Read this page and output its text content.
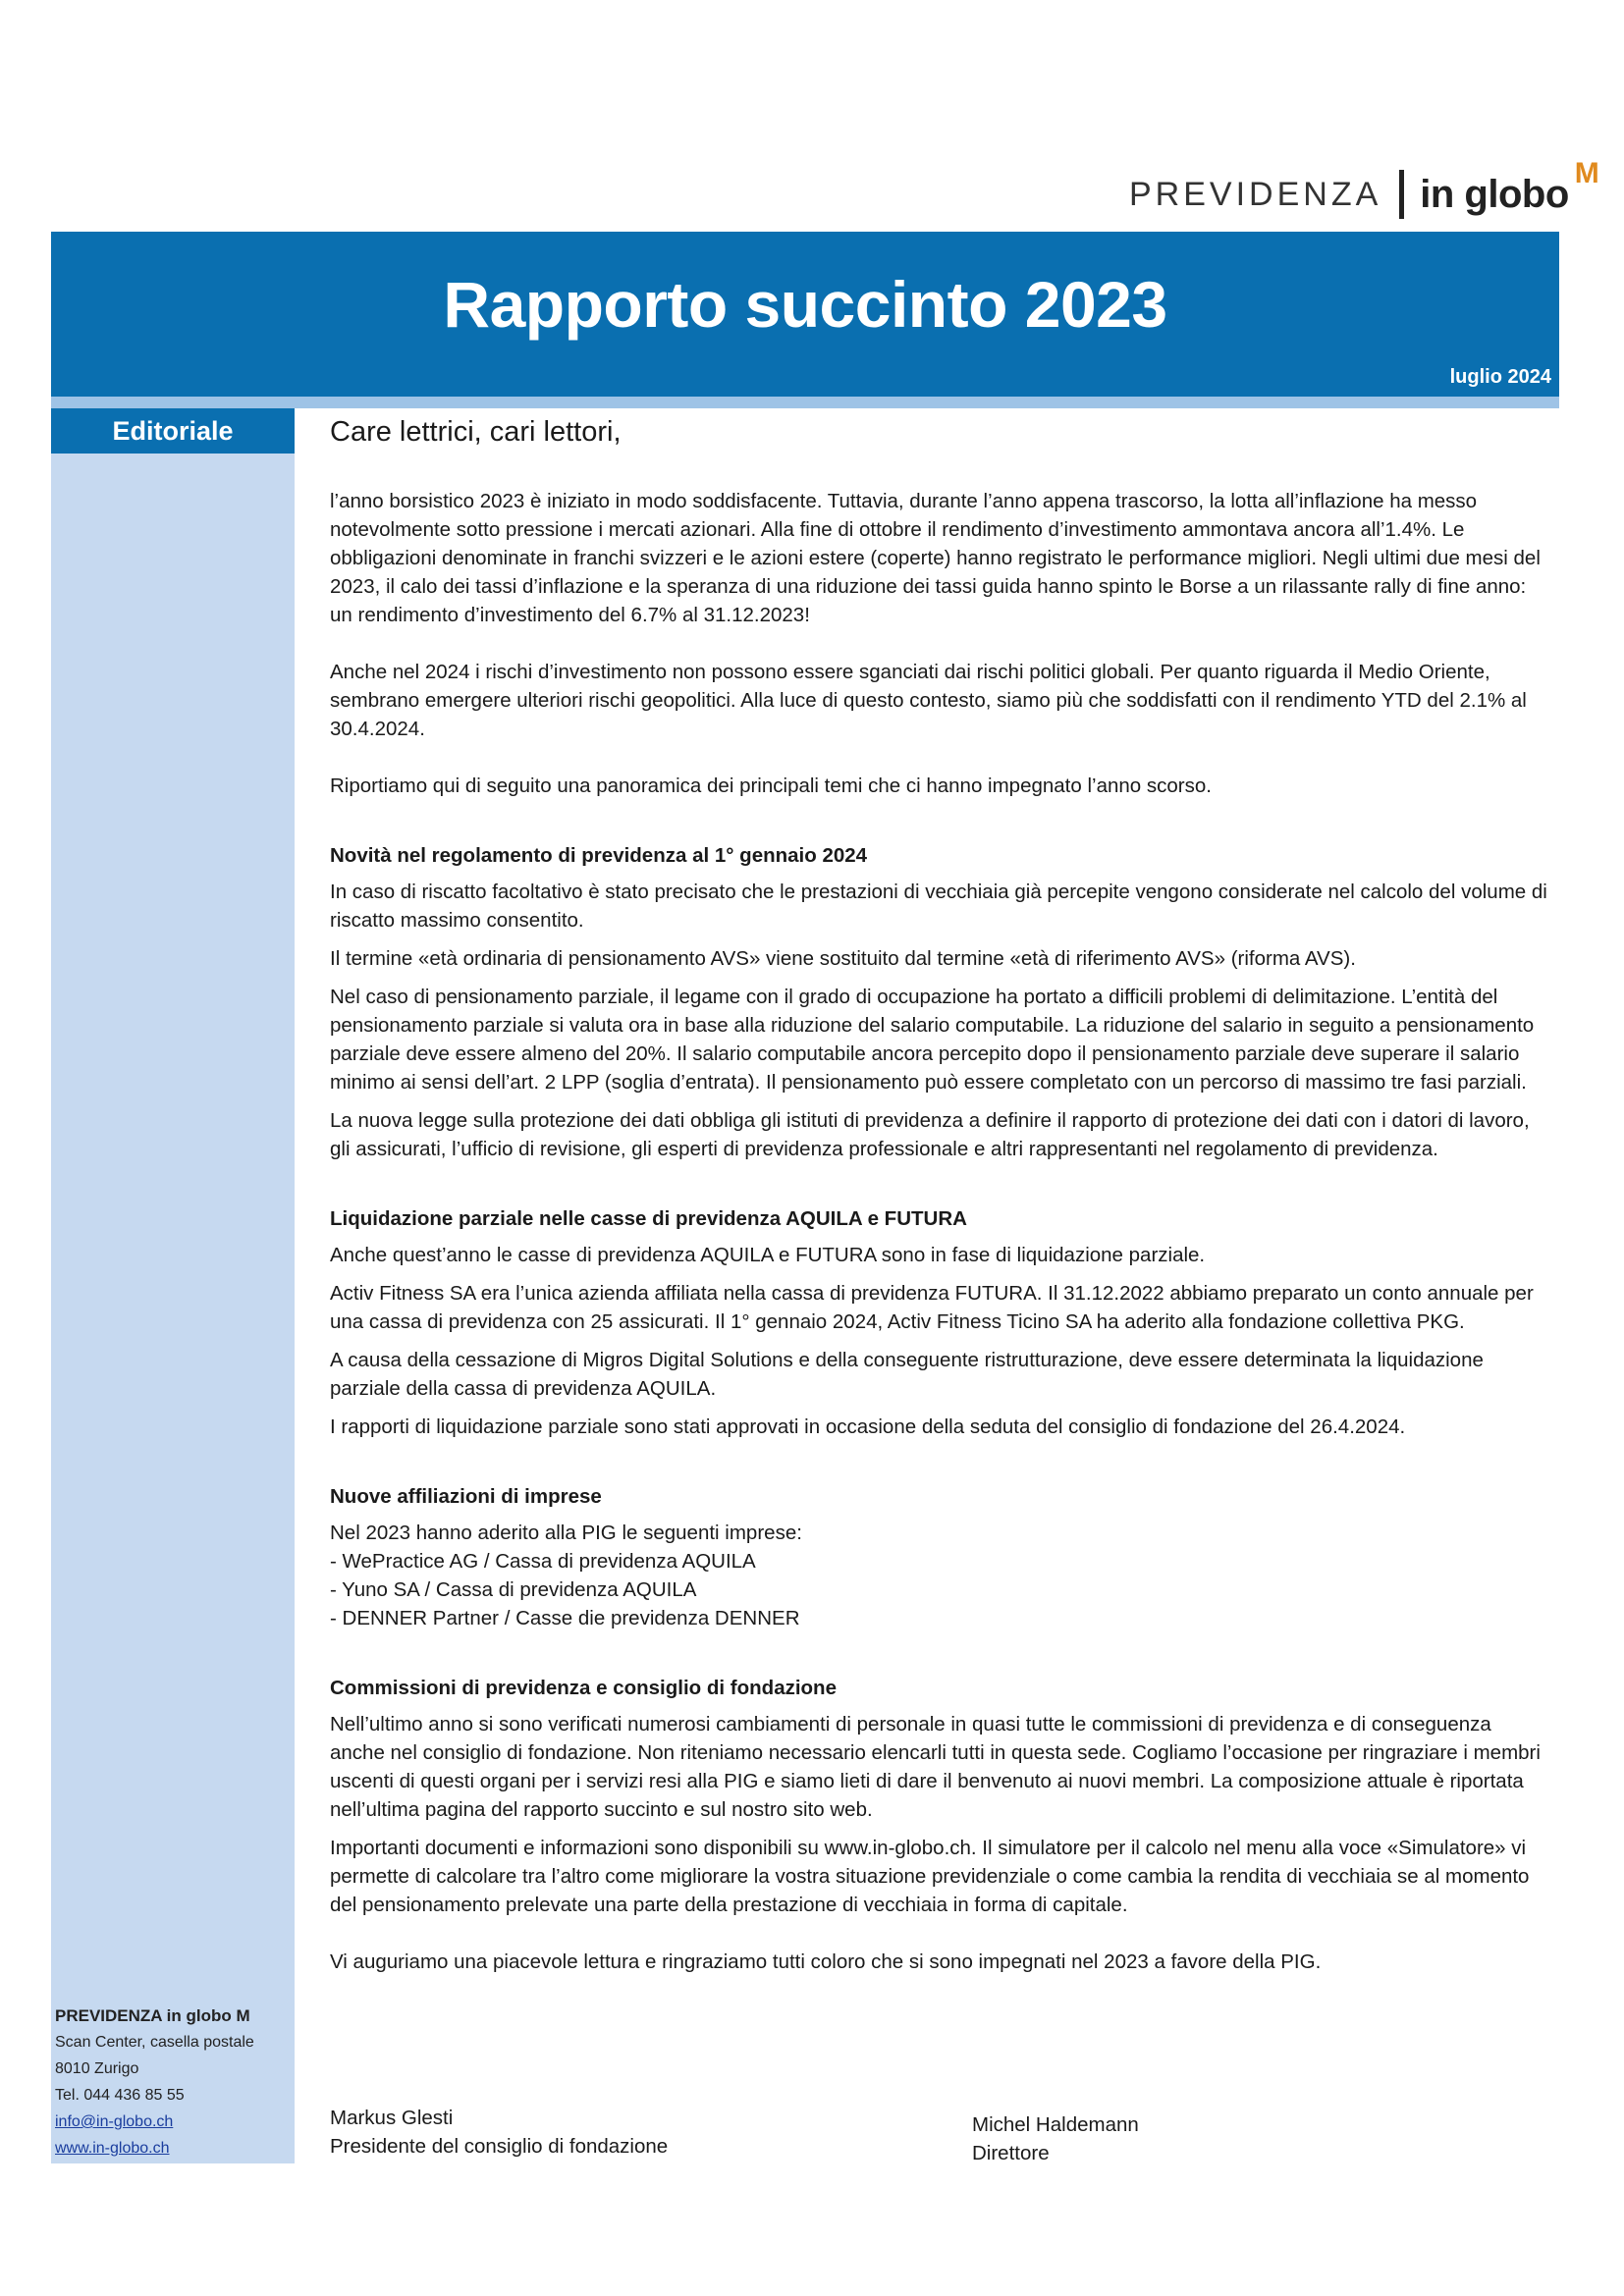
PREVIDENZA in globo M
Rapporto succinto 2023
luglio 2024
Editoriale
PREVIDENZA in globo M
Scan Center, casella postale
8010 Zurigo
Tel. 044 436 85 55
info@in-globo.ch
www.in-globo.ch

Care lettrici, cari lettori,

l’anno borsistico 2023 è iniziato in modo soddisfacente. Tuttavia, durante l’anno appena trascorso, la lotta all’inflazione ha messo notevolmente sotto pressione i mercati azionari. Alla fine di ottobre il rendimento d’investimento ammontava ancora all’1.4%. Le obbligazioni denominate in franchi svizzeri e le azioni estere (coperte) hanno registrato le performance migliori. Negli ultimi due mesi del 2023, il calo dei tassi d’inflazione e la speranza di una riduzione dei tassi guida hanno spinto le Borse a un rilassante rally di fine anno: un rendimento d’investimento del 6.7% al 31.12.2023!

Anche nel 2024 i rischi d’investimento non possono essere sganciati dai rischi politici globali. Per quanto riguarda il Medio Oriente, sembrano emergere ulteriori rischi geopolitici. Alla luce di questo contesto, siamo più che soddisfatti con il rendimento YTD del 2.1% al 30.4.2024.

Riportiamo qui di seguito una panoramica dei principali temi che ci hanno impegnato l’anno scorso.

Novità nel regolamento di previdenza al 1° gennaio 2024

In caso di riscatto facoltativo è stato precisato che le prestazioni di vecchiaia già percepite vengono considerate nel calcolo del volume di riscatto massimo consentito.

Il termine «età ordinaria di pensionamento AVS» viene sostituito dal termine «età di riferimento AVS» (riforma AVS).

Nel caso di pensionamento parziale, il legame con il grado di occupazione ha portato a difficili problemi di delimitazione. L’entità del pensionamento parziale si valuta ora in base alla riduzione del salario computabile. La riduzione del salario in seguito a pensionamento parziale deve essere almeno del 20%. Il salario computabile ancora percepito dopo il pensionamento parziale deve superare il salario minimo ai sensi dell’art. 2 LPP (soglia d’entrata). Il pensionamento può essere completato con un percorso di massimo tre fasi parziali.

La nuova legge sulla protezione dei dati obbliga gli istituti di previdenza a definire il rapporto di protezione dei dati con i datori di lavoro, gli assicurati, l’ufficio di revisione, gli esperti di previdenza professionale e altri rappresentanti nel regolamento di previdenza.

Liquidazione parziale nelle casse di previdenza AQUILA e FUTURA

Anche quest’anno le casse di previdenza AQUILA e FUTURA sono in fase di liquidazione parziale.

Activ Fitness SA era l’unica azienda affiliata nella cassa di previdenza FUTURA. Il 31.12.2022 abbiamo preparato un conto annuale per una cassa di previdenza con 25 assicurati. Il 1° gennaio 2024, Activ Fitness Ticino SA ha aderito alla fondazione collettiva PKG.

A causa della cessazione di Migros Digital Solutions e della conseguente ristrutturazione, deve essere determinata la liquidazione parziale della cassa di previdenza AQUILA.

I rapporti di liquidazione parziale sono stati approvati in occasione della seduta del consiglio di fondazione del 26.4.2024.

Nuove affiliazioni di imprese

Nel 2023 hanno aderito alla PIG le seguenti imprese:

- WePractice AG / Cassa di previdenza AQUILA
- Yuno SA / Cassa di previdenza AQUILA
- DENNER Partner / Casse die previdenza DENNER

Commissioni di previdenza e consiglio di fondazione

Nell’ultimo anno si sono verificati numerosi cambiamenti di personale in quasi tutte le commissioni di previdenza e di conseguenza anche nel consiglio di fondazione. Non riteniamo necessario elencarli tutti in questa sede. Cogliamo l’occasione per ringraziare i membri uscenti di questi organi per i servizi resi alla PIG e siamo lieti di dare il benvenuto ai nuovi membri. La composizione attuale è riportata nell’ultima pagina del rapporto succinto e sul nostro sito web.

Importanti documenti e informazioni sono disponibili su www.in-globo.ch. Il simulatore per il calcolo nel menu alla voce «Simulatore» vi permette di calcolare tra l’altro come migliorare la vostra situazione previdenziale o come cambia la rendita di vecchiaia se al momento del pensionamento prelevate una parte della prestazione di vecchiaia in forma di capitale.

Vi auguriamo una piacevole lettura e ringraziamo tutti coloro che si sono impegnati nel 2023 a favore della PIG.

Markus Glesti
Presidente del consiglio di fondazione
Michel Haldemann
Direttore
